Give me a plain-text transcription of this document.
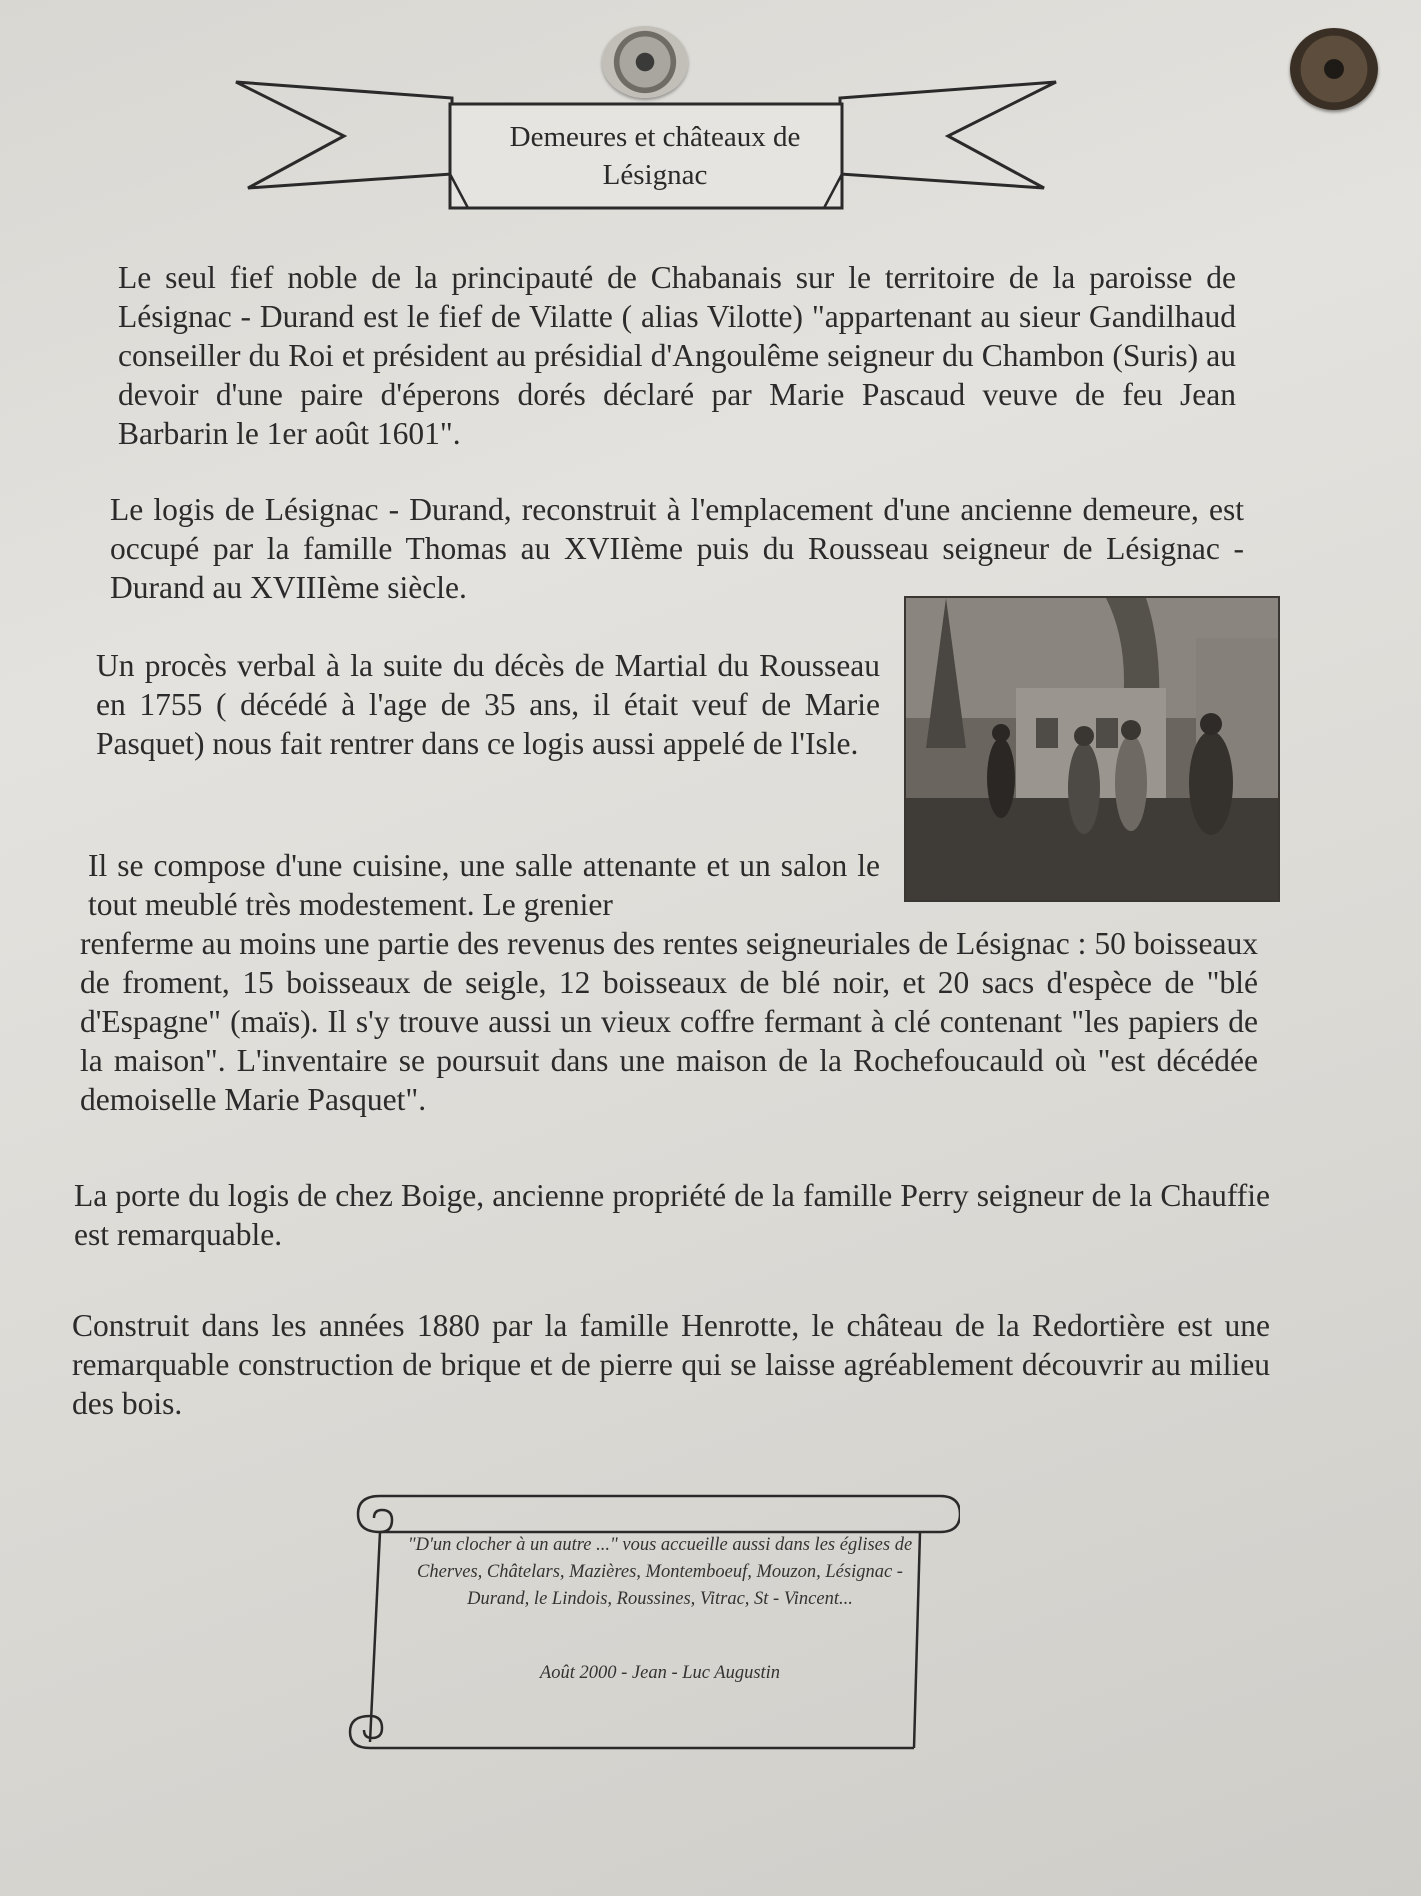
Demeures et châteaux de
Lésignac

Le seul fief noble de la principauté de Chabanais sur le territoire de la paroisse de Lésignac - Durand est le fief de Vilatte ( alias Vilotte) "appartenant au sieur Gandilhaud conseiller du Roi et président au présidial d'Angoulême seigneur du Chambon (Suris) au devoir d'une paire d'éperons dorés déclaré par Marie Pascaud veuve de feu Jean Barbarin le 1er août 1601".

Le logis de Lésignac - Durand, reconstruit à l'emplacement d'une ancienne demeure, est occupé par la famille Thomas au XVIIème puis du Rousseau seigneur de Lésignac - Durand au XVIIIème siècle.

Un procès verbal à la suite du décès de Martial du Rousseau en 1755 ( décédé à l'age de 35 ans, il était veuf de Marie Pasquet) nous fait rentrer dans ce logis aussi appelé de l'Isle.

Il se compose d'une cuisine, une salle attenante et un salon le tout meublé très modestement. Le grenier

renferme au moins une partie des revenus des rentes seigneuriales de Lésignac : 50 boisseaux de froment, 15 boisseaux de seigle, 12 boisseaux de blé noir, et 20 sacs d'espèce de "blé d'Espagne" (maïs). Il s'y trouve aussi un vieux coffre fermant à clé contenant "les papiers de la maison". L'inventaire se poursuit dans une maison de la Rochefoucauld où "est décédée demoiselle Marie Pasquet".

La porte du logis de chez Boige, ancienne propriété de la famille Perry seigneur de la Chauffie est remarquable.

Construit dans les années 1880 par la famille Henrotte, le château de la Redortière est une remarquable construction de brique et de pierre qui se laisse agréablement découvrir au milieu des bois.

"D'un clocher à un autre ..." vous accueille aussi dans les églises de Cherves, Châtelars, Mazières, Montemboeuf, Mouzon, Lésignac - Durand, le Lindois, Roussines, Vitrac, St - Vincent...

Août 2000 - Jean - Luc Augustin
